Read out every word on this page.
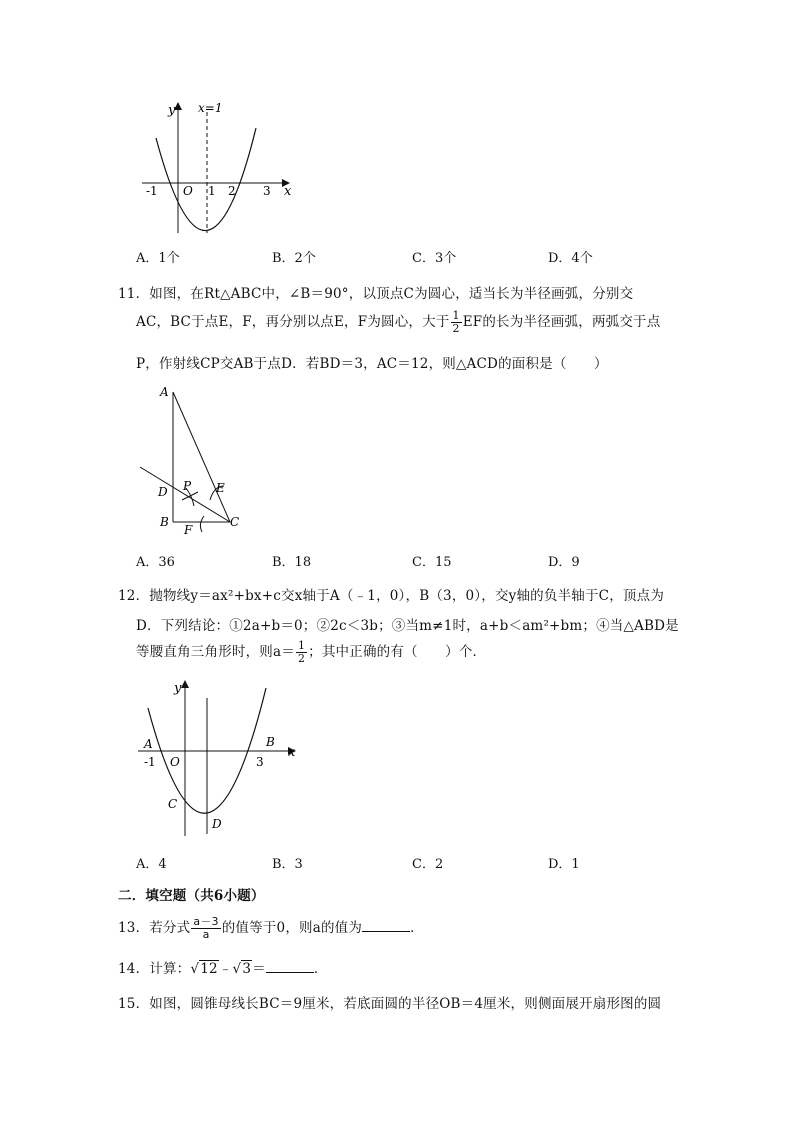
y x=1
x
-1 O 1 2 3
A．1个	B．2个	C．3个	D．4个
11．如图，在Rt△ABC中，∠B＝90°，以顶点C为圆心，适当长为半径画弧，分别交
AC，BC于点E，F，再分别以点E，F为圆心，大于 $\frac{1}{2}$ EF的长为半径画弧，两弧交于点
P，作射线CP交AB于点D．若BD＝3，AC＝12，则△ACD的面积是（　　）
A
D P E
B
F
C
A．36	B．18	C．15	D．9
12．抛物线y＝ax²+bx+c交x轴于A（﹣1，0），B（3，0），交y轴的负半轴于C，顶点为
D．下列结论：①2a+b＝0；②2c＜3b；③当m≠1时，a+b＜am²+bm；④当△ABD是
等腰直角三角形时，则$a= \frac{1}{2}$ ；其中正确的有（　　）个．
y
x
A	B
-1 O	3
C
D
A．4	B．3	C．2	D．1
二．填空题（共6小题）
13．若分式 $\frac{a-3}{a}$ 的值等于0，则a的值为	．
14．计算：√12﹣√3＝	．
15．如图，圆锥母线长BC＝9厘米，若底面圆的半径OB＝4厘米，则侧面展开扇形图的圆
